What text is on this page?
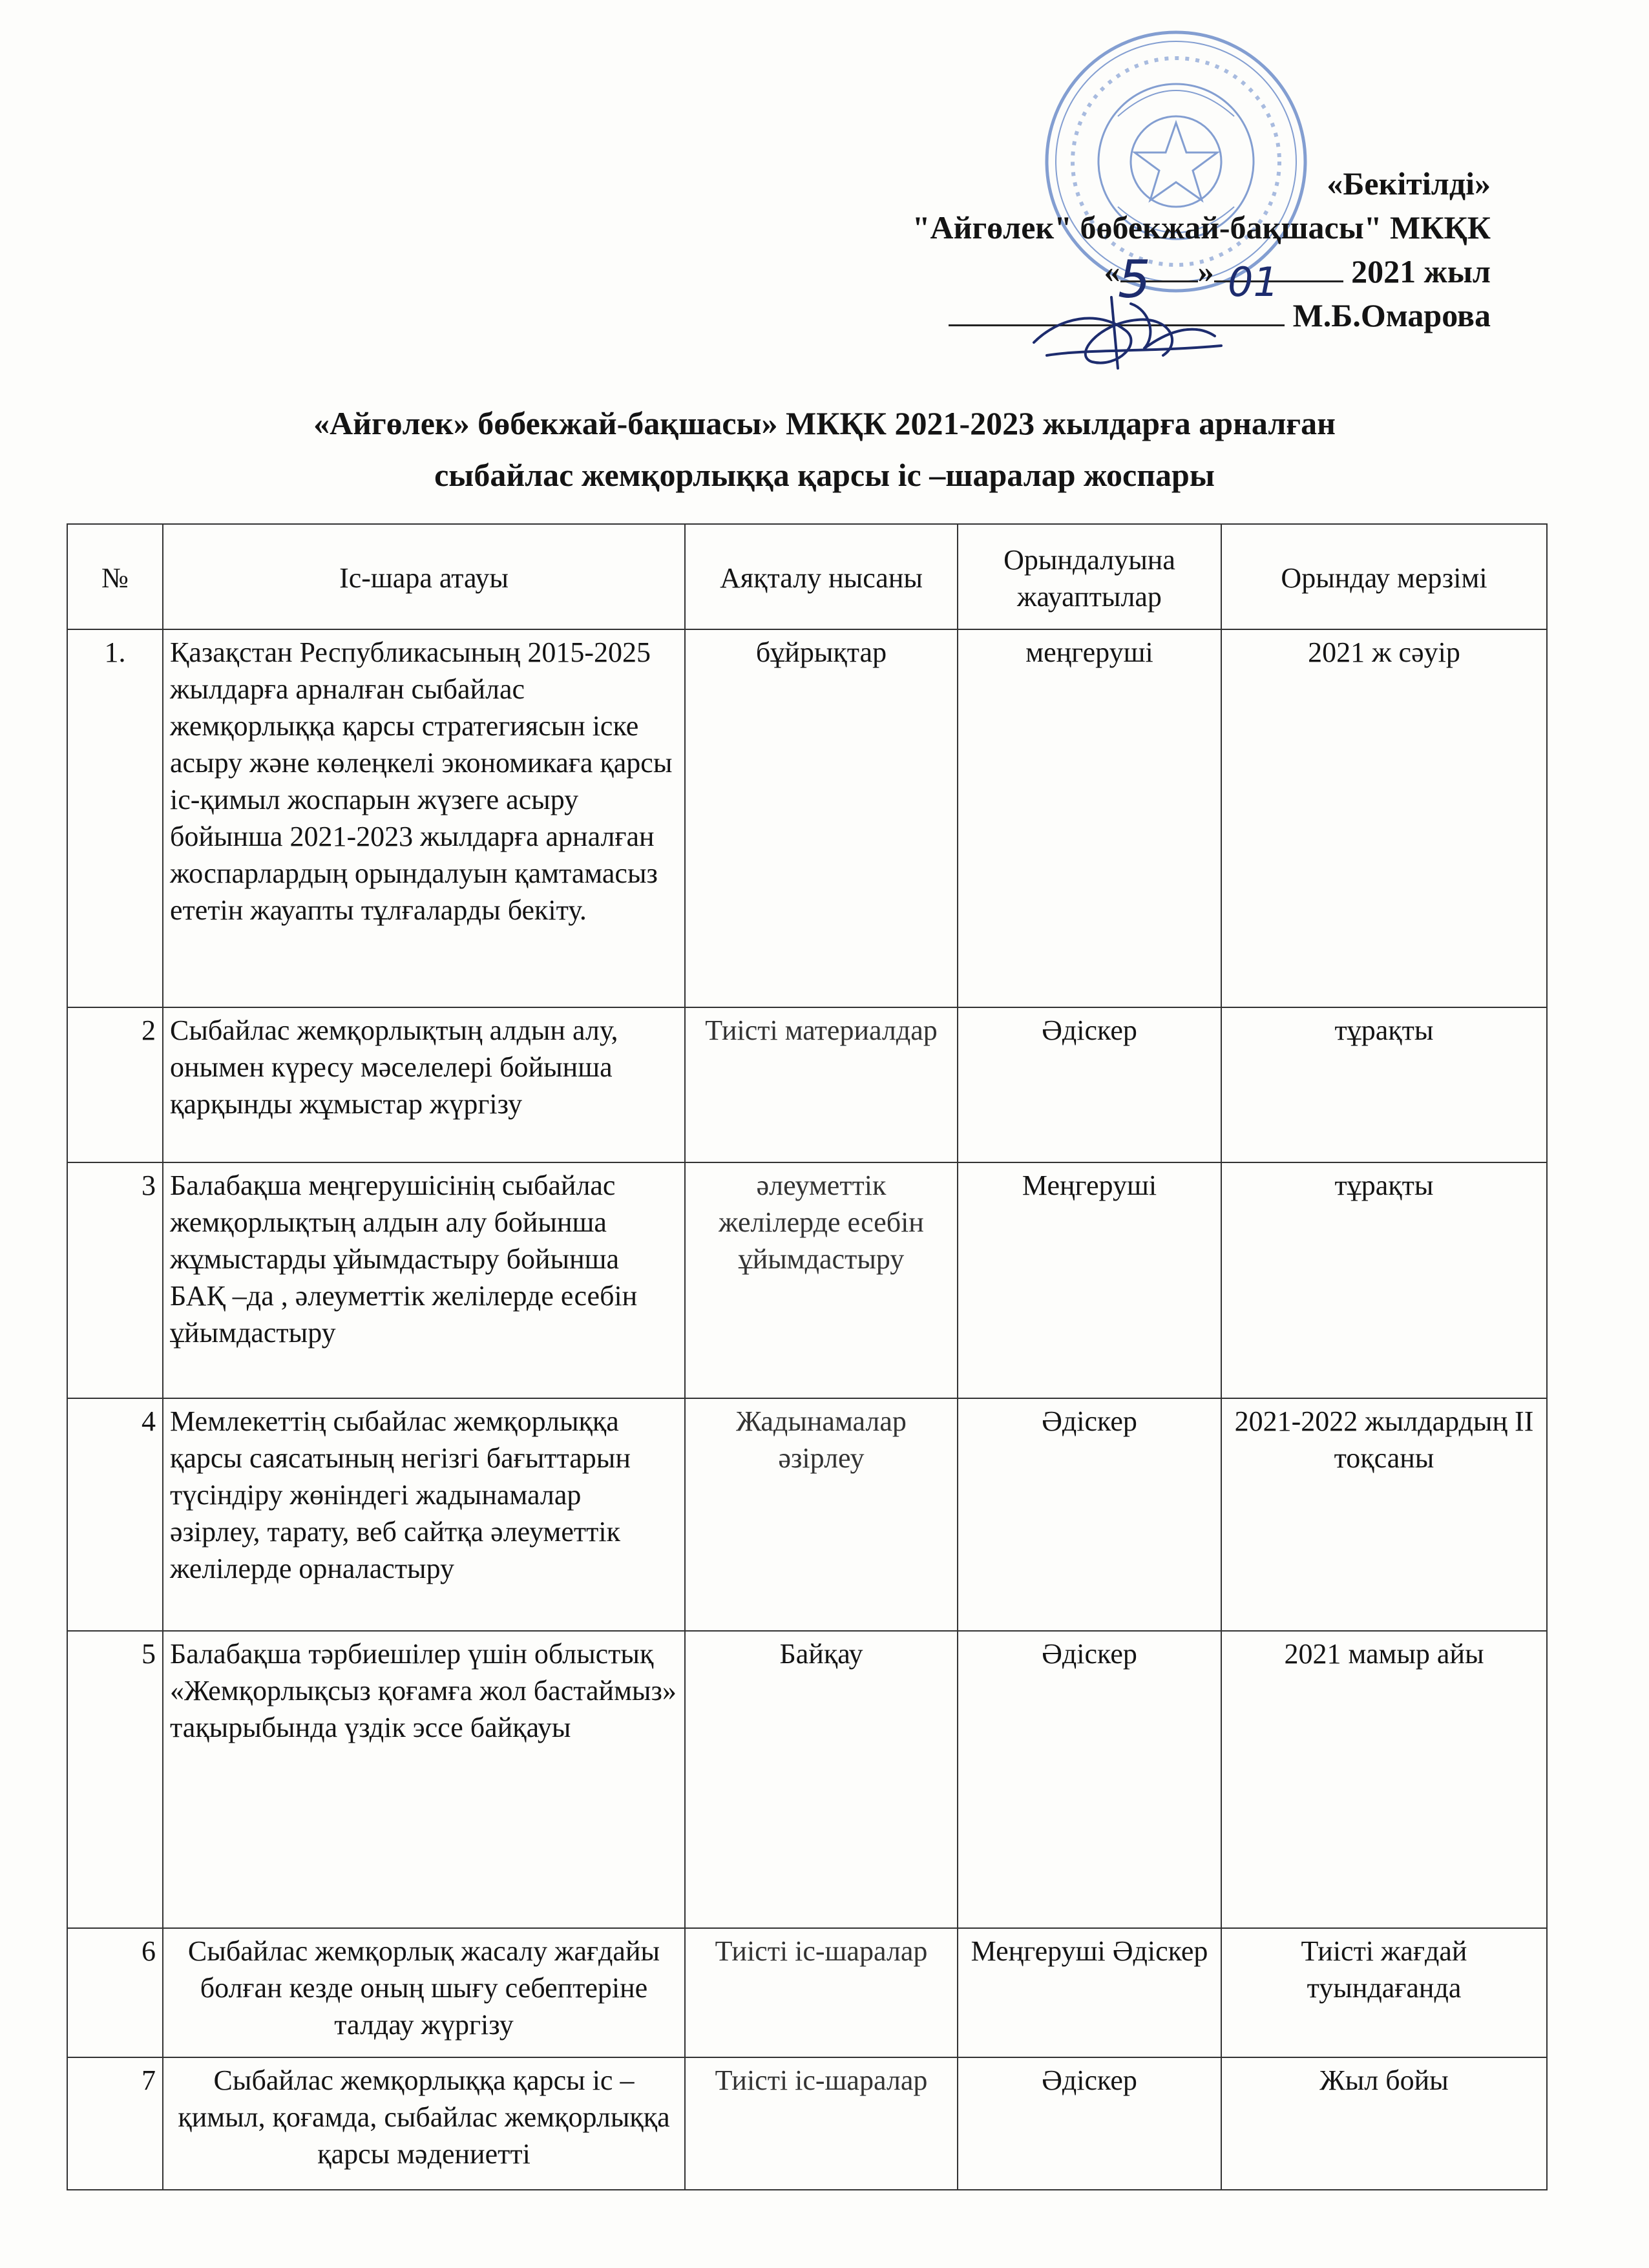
«Бекітілді»
"Айгөлек" бөбекжай-бақшасы" МКҚК
« »	2021 жыл
М.Б.Омарова
5 01
«Айгөлек» бөбекжай-бақшасы» МКҚК 2021-2023 жылдарға арналған
сыбайлас жемқорлыққа қарсы іс –шаралар жоспары
№	Іс-шара атауы	Аяқталу нысаны	Орындалуына жауаптылар	Орындау мерзімі
1.	Қазақстан Республикасының 2015-2025 жылдарға арналған сыбайлас жемқорлыққа қарсы стратегиясын іске асыру және көлеңкелі экономикаға қарсы іс-қимыл жоспарын жүзеге асыру бойынша 2021-2023 жылдарға арналған жоспарлардың орындалуын қамтамасыз ететін жауапты тұлғаларды бекіту.	бұйрықтар	меңгеруші	2021 ж сәуір
2	Сыбайлас жемқорлықтың алдын алу, онымен күресу мәселелері бойынша қарқынды жұмыстар жүргізу	Тиісті материалдар	Әдіскер	тұрақты
3	Балабақша меңгерушісінің сыбайлас жемқорлықтың алдын алу бойынша жұмыстарды ұйымдастыру бойынша БАҚ –да , әлеуметтік желілерде есебін ұйымдастыру	әлеуметтік желілерде есебін ұйымдастыру	Меңгеруші	тұрақты
4	Мемлекеттің сыбайлас жемқорлыққа қарсы саясатының негізгі бағыттарын түсіндіру жөніндегі жадынамалар әзірлеу, тарату, веб сайтқа әлеуметтік желілерде орналастыру	Жадынамалар әзірлеу	Әдіскер	2021-2022 жылдардың ІІ тоқсаны
5	Балабақша тәрбиешілер үшін облыстық «Жемқорлықсыз қоғамға жол бастаймыз» тақырыбында үздік эссе байқауы	Байқау	Әдіскер	2021 мамыр айы
6	Сыбайлас жемқорлық жасалу жағдайы болған кезде оның шығу себептеріне талдау жүргізу	Тиісті іс-шаралар	Меңгеруші Әдіскер	Тиісті жағдай туындағанда
7	Сыбайлас жемқорлыққа қарсы іс –қимыл, қоғамда, сыбайлас жемқорлыққа қарсы мәдениетті	Тиісті іс-шаралар	Әдіскер	Жыл бойы
